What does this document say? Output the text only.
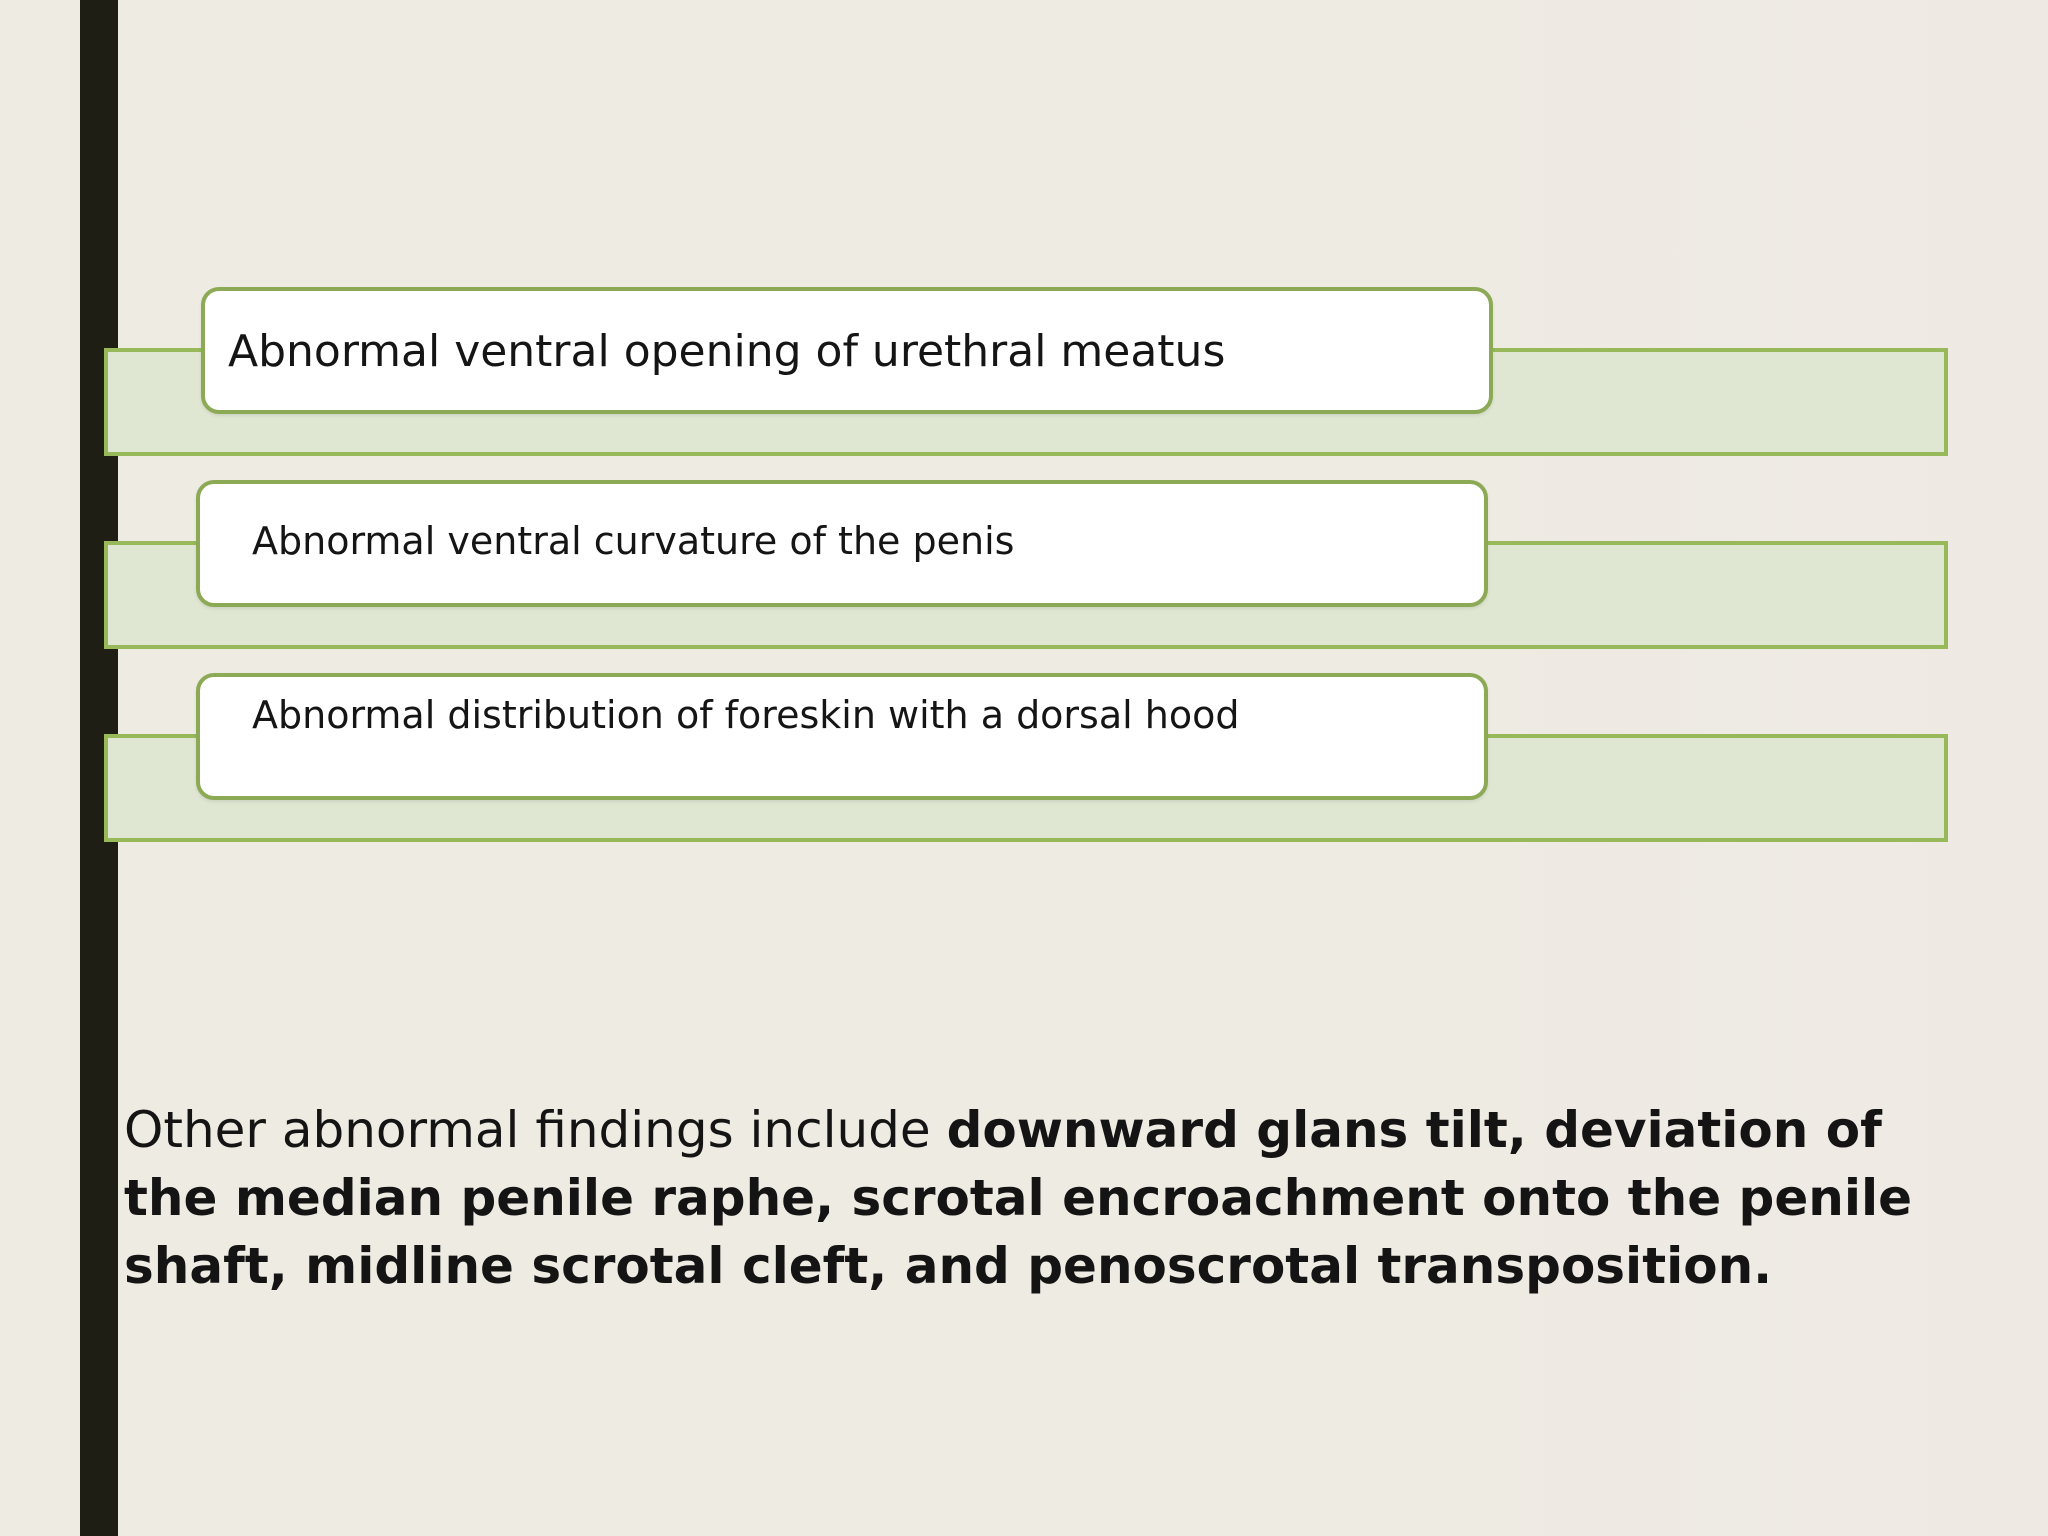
Abnormal ventral opening of urethral meatus
Abnormal ventral curvature of the penis
Abnormal distribution of foreskin with a dorsal hood
Other abnormal findings include downward glans tilt, deviation of the median penile raphe, scrotal encroachment onto the penile shaft, midline scrotal cleft, and penoscrotal transposition.
